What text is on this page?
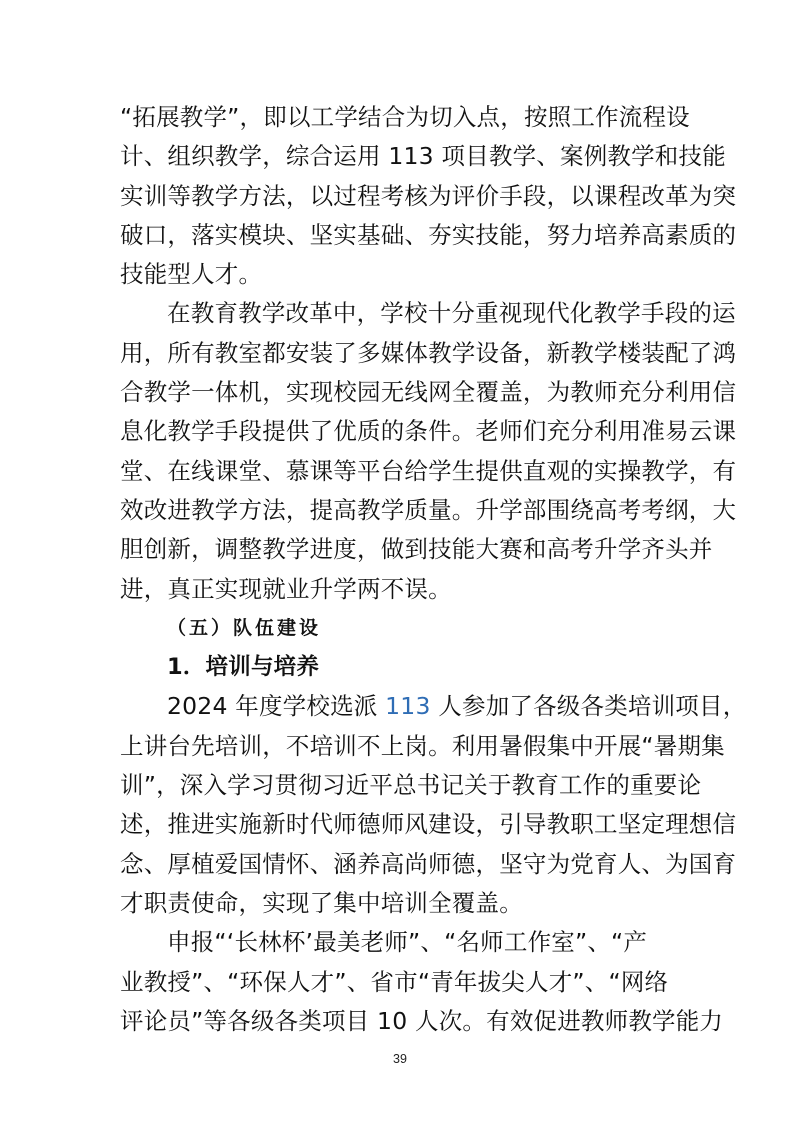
“拓展教学”，即以工学结合为切入点，按照工作流程设
计、组织教学，综合运用 113 项目教学、案例教学和技能
实训等教学方法，以过程考核为评价手段，以课程改革为突
破口，落实模块、坚实基础、夯实技能，努力培养高素质的
技能型人才。
在教育教学改革中，学校十分重视现代化教学手段的运
用，所有教室都安装了多媒体教学设备，新教学楼装配了鸿
合教学一体机，实现校园无线网全覆盖，为教师充分利用信
息化教学手段提供了优质的条件。老师们充分利用准易云课
堂、在线课堂、慕课等平台给学生提供直观的实操教学，有
效改进教学方法，提高教学质量。升学部围绕高考考纲，大
胆创新，调整教学进度，做到技能大赛和高考升学齐头并
进，真正实现就业升学两不误。
（五）队伍建设
1．培训与培养
2024 年度学校选派 113 人参加了各级各类培训项目，
上讲台先培训，不培训不上岗。利用暑假集中开展“暑期集
训”，深入学习贯彻习近平总书记关于教育工作的重要论
述，推进实施新时代师德师风建设，引导教职工坚定理想信
念、厚植爱国情怀、涵养高尚师德，坚守为党育人、为国育
才职责使命，实现了集中培训全覆盖。
申报“‘长林杯’最美老师”、“名师工作室”、“产
业教授”、“环保人才”、省市“青年拔尖人才”、“网络
评论员”等各级各类项目 10 人次。有效促进教师教学能力
39
